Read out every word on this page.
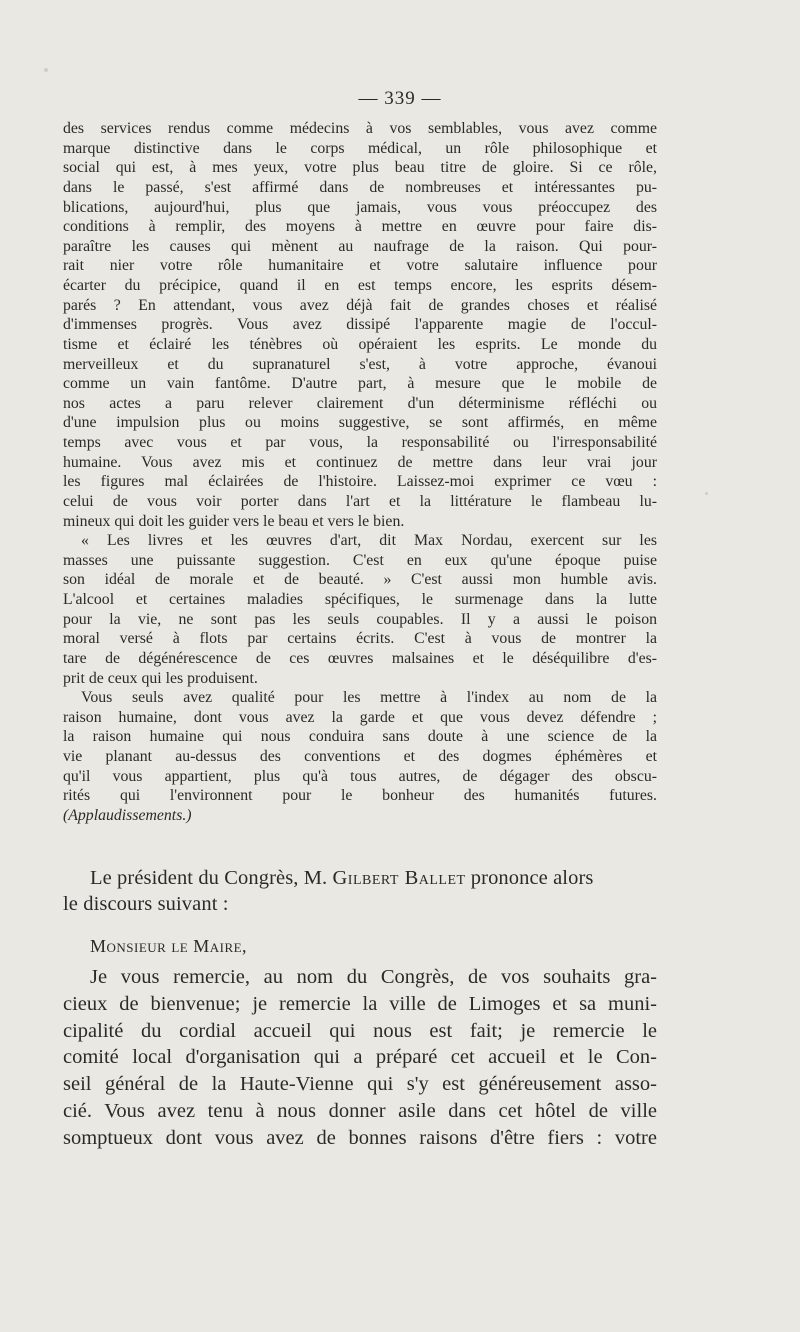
— 339 —

des services rendus comme médecins à vos semblables, vous avez comme
marque distinctive dans le corps médical, un rôle philosophique et
social qui est, à mes yeux, votre plus beau titre de gloire. Si ce rôle,
dans le passé, s'est affirmé dans de nombreuses et intéressantes pu-
blications, aujourd'hui, plus que jamais, vous vous préoccupez des
conditions à remplir, des moyens à mettre en œuvre pour faire dis-
paraître les causes qui mènent au naufrage de la raison. Qui pour-
rait nier votre rôle humanitaire et votre salutaire influence pour
écarter du précipice, quand il en est temps encore, les esprits désem-
parés ? En attendant, vous avez déjà fait de grandes choses et réalisé
d'immenses progrès. Vous avez dissipé l'apparente magie de l'occul-
tisme et éclairé les ténèbres où opéraient les esprits. Le monde du
merveilleux et du supranaturel s'est, à votre approche, évanoui
comme un vain fantôme. D'autre part, à mesure que le mobile de
nos actes a paru relever clairement d'un déterminisme réfléchi ou
d'une impulsion plus ou moins suggestive, se sont affirmés, en même
temps avec vous et par vous, la responsabilité ou l'irresponsabilité
humaine. Vous avez mis et continuez de mettre dans leur vrai jour
les figures mal éclairées de l'histoire. Laissez-moi exprimer ce vœu :
celui de vous voir porter dans l'art et la littérature le flambeau lu-
mineux qui doit les guider vers le beau et vers le bien.

« Les livres et les œuvres d'art, dit Max Nordau, exercent sur les
masses une puissante suggestion. C'est en eux qu'une époque puise
son idéal de morale et de beauté. » C'est aussi mon humble avis.
L'alcool et certaines maladies spécifiques, le surmenage dans la lutte
pour la vie, ne sont pas les seuls coupables. Il y a aussi le poison
moral versé à flots par certains écrits. C'est à vous de montrer la
tare de dégénérescence de ces œuvres malsaines et le déséquilibre d'es-
prit de ceux qui les produisent.

Vous seuls avez qualité pour les mettre à l'index au nom de la
raison humaine, dont vous avez la garde et que vous devez défendre ;
la raison humaine qui nous conduira sans doute à une science de la
vie planant au-dessus des conventions et des dogmes éphémères et
qu'il vous appartient, plus qu'à tous autres, de dégager des obscu-
rités qui l'environnent pour le bonheur des humanités futures.
(Applaudissements.)

Le président du Congrès, M. Gilbert Ballet prononce alors
le discours suivant :
Monsieur le Maire,
Je vous remercie, au nom du Congrès, de vos souhaits gra-
cieux de bienvenue; je remercie la ville de Limoges et sa muni-
cipalité du cordial accueil qui nous est fait; je remercie le
comité local d'organisation qui a préparé cet accueil et le Con-
seil général de la Haute-Vienne qui s'y est généreusement asso-
cié. Vous avez tenu à nous donner asile dans cet hôtel de ville
somptueux dont vous avez de bonnes raisons d'être fiers : votre
